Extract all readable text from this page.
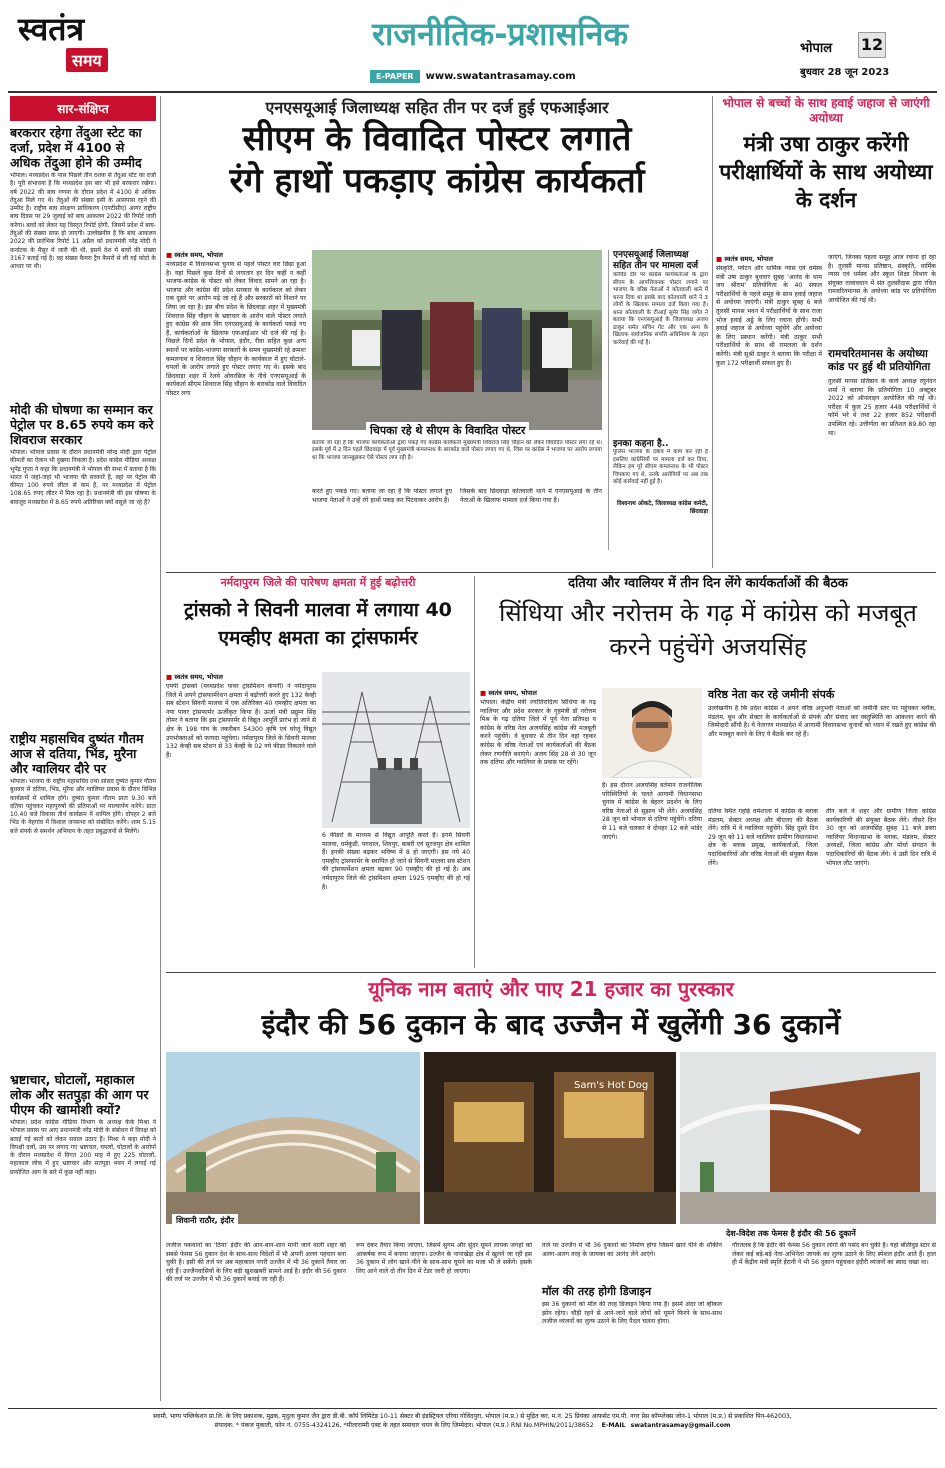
स्वतंत्र
समय
राजनीतिक-प्रशासनिक
E-PAPER	www.swatantrasamay.com
भोपाल 12
बुधवार 28 जून 2023
सार-संक्षिप्त
बरकरार रहेगा तेंदुआ स्टेट का दर्जा, प्रदेश में 4100 से अधिक तेंदुआ होने की उम्मीद
भोपाल। मध्यप्रदेश के पास पिछले तीन दशक से तेंदुआ स्टेट का दर्जा है। पूरी संभावना है कि मध्यप्रदेश इस बार भी इसे बरकरार रखेगा। वर्ष 2022 की बाघ गणना के दौरान प्रदेश में 4100 से अधिक तेंदुआ मिले गए थे। तेंदुओं की संख्या इसी के आसपास रहने की उम्मीद है। राष्ट्रीय बाघ संरक्षण प्राधिकरण (एनटीसीए) आगर राष्ट्रीय बाघ दिवस पर 29 जुलाई को बाघ आकलन 2022 की रिपोर्ट जारी करेगा। बाघों को लेकर यह विस्तृत रिपोर्ट होगी, जिसमें प्रदेश में बाघ-तेंदुओं की संख्या साफ़ हो जाएगी। उल्लेखनीय है कि बाघ आकलन 2022 की प्रारंभिक रिपोर्ट 11 अप्रैल को प्रधानमंत्री नरेंद्र मोदी ने कर्नाटक के मैसूर में जारी की थी, इसमें देश में बाघों की संख्या 3167 बताई गई है। वह संख्या कैमरा ट्रैप कैमरों से ली गई फोटो के आधार पर थी।
मोदी की घोषणा का सम्मान कर पेट्रोल पर 8.65 रुपये कम करे शिवराज सरकार
भोपाल। भोपाल प्रवास के दौरान प्रधानमंत्री नरेन्द्र मोदी द्वारा पेट्रोल कीमतों का ऐलान भी दुखमा निकला है। प्रदेश कांग्रेस मीडिया अध्यक्ष भूपेंद्र गुप्ता ने कहा कि प्रधानमंत्री ने भोपाल की सभा में बताया है कि भारत में जहां-जहां भी भाजपा की सरकारें हैं, वहां पर पेट्रोल की कीमत 100 रुपये लीटर से कम है, पर मध्यप्रदेश में पेट्रोल 108.65 रुपए लीटर में मिल रहा है। प्रधानमंत्री की इस घोषणा के बावजूद मध्यप्रदेश में 8.65 रुपये अतिरिक्त क्यों वसूले जा रहे हैं?
राष्ट्रीय महासचिव दुष्यंत गौतम आज से दतिया, भिंड, मुरैना और ग्वालियर दौरे पर
भोपाल। भाजपा के राष्ट्रीय महासचिव तथा सांसद दुष्यंत कुमार गौतम बुधवार से दतिया, भिंड, मुरैना और ग्वालियर प्रवास के दौरान विभिन्न कार्यक्रमों में शामिल होंगे। दुष्यंत कुमार गौतम प्रातः 9.30 बजे दतिया पहुंचकर महापुरुषों की प्रतिमाओं पर माल्यार्पण करेंगे। प्रातः 10.40 बजे विकास तीर्थ कार्यक्रम में शामिल होंगे। दोपहर 2 बजे भिंड के मेहगांव में विशाल जनसभा को संबोधित करेंगे। शाम 5.15 बजे संपर्क से समर्थन अभियान के तहत प्रबुद्धजनों से मिलेंगे।
भ्रष्टाचार, घोटालों, महाकाल लोक और सतपुड़ा की आग पर पीएम की खामोशी क्यों?
भोपाल। प्रदेश कांग्रेस मीडिया विभाग के अध्यक्ष केके मिश्रा ने भोपाल प्रवास पर आए प्रधानमंत्री नरेंद्र मोदी के संबोधन में विपक्ष को बताई गई बातों को लेकर सवाल उठाए हैं। मिश्रा ने कहा मोदी ने विपक्षी दलों, उस पर लगाए गए भ्रष्टाचार, घपलों, घोटालों के आरोपों के दौरान मध्यप्रदेश में विगत 200 माह में हुए 225 घोटालों, महाकाल लोक में हुए भ्रष्टाचार और सतपुड़ा भवन में लगाई गई प्रायोजित आग के बारे में कुछ नहीं कहा।
एनएसयूआई जिलाध्यक्ष सहित तीन पर दर्ज हुई एफआईआर
सीएम के विवादित पोस्टर लगाते
रंगे हाथों पकड़ाए कांग्रेस कार्यकर्ता
■ स्वतंत्र समय, भोपाल
मध्यप्रदेश में विधानसभा चुनाव से पहले पोस्टर वार छिड़ा हुआ है। यहां पिछले कुछ दिनों से लगातार हर दिन कहीं न कहीं भाजपा-कांग्रेस के पोस्टर को लेकर विवाद सामने आ रहा है। भाजपा और कांग्रेस की प्रदेश सरकार के कार्यकाल को लेकर एक दूसरे पर आरोप मढ़े जा रहे हैं और सरकारों को निशाने पर लिया जा रहा है। इस बीच प्रदेश के छिंदवाड़ा शहर में मुख्यमंत्री शिवराज सिंह चौहान के भ्रष्टाचार के आरोप वाले पोस्टर लगाते हुए कांग्रेस की छात्र विंग एनएसयूआई के कार्यकर्ता पकड़े गए हैं, कार्यकर्ताओं के खिलाफ एफआईआर भी दर्ज की गई है। पिछले दिनों प्रदेश के भोपाल, इंदौर, रीवा सहित कुछ अन्य स्थानों पर कांग्रेस-भाजपा सरकारों के समय मुख्यमंत्री रहे क्रमशः कमलनाथ व शिवराज सिंह चौहान के कार्यकाल में हुए घोटाले-घपलों के आरोप लगाते हुए पोस्टर लगाए गए थे। इसके बाद छिंदवाड़ा शहर में रेलवे ओवरब्रिज के नीचे एनएसयूआई के कार्यकर्ता सीएम शिवराज सिंह चौहान के बारकोड वाले विवादित पोस्टर लगा
चिपका रहे थे सीएम के विवादित पोस्टर
बताया जा रहा है कि भाजपा कार्यकर्ताओं द्वारा पकड़े गए कांग्रेस कार्यकर्ता मुख्यमंत्री शिवराज सिंह चौहान को लेकर विवादित पोस्टर लगा रहे थे। इसके पूर्व में 2 दिन पहले छिंदवाड़ा में पूर्व मुख्यमंत्री कमलनाथ के बारकोड वाले पोस्टर लगाए गए थे, जिस पर कांग्रेस ने भाजपा पर आरोप लगाया था कि भाजपा जानबूझकर ऐसे पोस्टर लगा रही है।
करते हुए पकड़े गए। बताया जा रहा है कि पोस्टर लगाते हुए भाजपा नेताओं ने उन्हें रंगे हाथों पकड़ कर पिटवाकर आरोप है।
जिसके बाद छिंदवाड़ा कोतवाली थाने में एनएसयूआई के तीन नेताओं के खिलाफ मामला दर्ज किया गया है।
एनएसयूआई जिलाध्यक्ष सहित तीन पर मामला दर्ज
कोविड दौर पर कांग्रेस कार्यकर्ताओं के द्वारा सीएम के आपत्तिजनक पोस्टर लगाने पर भाजपा के वरिष्ठ नेताओं ने कोतवाली थाने में धरना दिया था इसके बाद कोतवाली थाने ने 3 लोगों के खिलाफ मामला दर्ज किया गया है। थाना कोतवाली के टीआई सुमेर सिंह जगेत ने बताया कि एनएसयूआई के जिलाध्यक्ष अजय ठाकुर समेत सचिन गेट और एक अन्य के खिलाफ सार्वजनिक संपत्ति अधिनियम के तहत कार्रवाई की गई है।
इनका कहना है..
पुलिस भाजपा के दबाव में काम कर रही है इसलिए कांग्रेसियों पर मामला दर्ज कर दिया, लेकिन हम पूरे सीएम कमलनाथ के भी पोस्टर चिपकाए गए थे, उनके आरोपियों पर अब तक कोई कार्रवाई नहीं हुई है।
विश्वनाथ ओकटे, जिलाध्यक्ष कांग्रेस कमेटी, छिंदवाड़ा
भोपाल से बच्चों के साथ हवाई जहाज से जाएंगी अयोध्या
मंत्री उषा ठाकुर करेंगी परीक्षार्थियों के साथ अयोध्या के दर्शन
■ स्वतंत्र समय, भोपाल
संस्कृति, पर्यटन और धार्मिक न्यास एवं धर्मस्व मंत्री उषा ठाकुर बुधवार सुबह 'आनंद के धाम जय श्रीराम' प्रतियोगिता के 40 सफल परीक्षार्थियों के पहले समूह के साथ हवाई जहाज से अयोध्या जाएंगी। मंत्री ठाकुर सुबह 6 बजे तुलसी मानस भवन में परीक्षार्थियों के साथ राजा भोज हवाई अड्डे के लिए रवाना होंगी। सभी हवाई जहाज से अयोध्या पहुंचेंगे और अयोध्या के लिए प्रस्थान करेंगी। मंत्री ठाकुर सभी परीक्षार्थियों के साथ श्री रामलला के दर्शन करेंगी। मंत्री सुश्री ठाकुर ने बताया कि परीक्षा में कुल 172 परीक्षार्थी सफल हुए हैं।
जाएंगे, जिनका पहला समूह आज रवाना हो रहा है। तुलसी मानस प्रतिष्ठान, संस्कृति, धार्मिक न्यास एवं धर्मस्व और स्कूल शिक्षा विभाग के संयुक्त तत्वावधान में संत तुलसीदास द्वारा रचित रामचरितमानस के अयोध्या कांड पर प्रतियोगिता आयोजित की गई थी।
रामचरितमानस के अयोध्या कांड पर हुई थी प्रतियोगिता
तुलसी मानस प्रतिष्ठान के कार्य अध्यक्ष रघुनंदन शर्मा ने बताया कि प्रतियोगिता 10 अक्टूबर 2022 को ऑनलाइन आयोजित की गई थी। परीक्षा में कुल 25 हजार 448 परीक्षार्थियों ने फॉर्म भरे थे तथा 22 हजार 852 परीक्षार्थी उपस्थित रहे। उत्तीर्णता का प्रतिशत 89.80 रहा था।
नर्मदापुरम जिले की पारेषण क्षमता में हुई बढ़ोत्तरी
ट्रांसको ने सिवनी मालवा में लगाया 40 एमव्हीए क्षमता का ट्रांसफार्मर
■ स्वतंत्र समय, भोपाल
एमपी ट्रांसको (मध्यप्रदेश पावर ट्रांसमिशन कंपनी) ने नर्मदापुरम जिले में अपने ट्रांसफार्मरेशन क्षमता में बढ़ोत्तरी करते हुए 132 केव्ही सब स्टेशन सिवनी मालवा में एक अतिरिक्त 40 एमव्हीए क्षमता का नया पावर ट्रांसफार्मर ऊर्जीकृत किया है। ऊर्जा मंत्री प्रद्युम्न सिंह तोमर ने बताया कि इस ट्रांसफार्मर से विद्युत आपूर्ति प्रारंभ हो जाने से क्षेत्र के 198 गांव के तकरीबन 54300 कृषि एवं घरेलू विद्युत उपभोक्ताओं को फायदा पहुंचेगा। नर्मदापुरम जिले के सिवनी मालवा 132 केव्ही सब स्टेशन से 33 केव्ही के 02 नये फीडर निकलने वाले हैं।
6 फीडरों के माध्यम से विद्युत आपूर्ति करते हैं। इनमें सिवनी मालवा, धर्मकुंडी, पगधाल, शिवपुर, बाबरी एवं सूरजपुर क्षेत्र शामिल हैं। इनकी संख्या बढ़कर भविष्य में 8 हो जाएगी। इस नये 40 एमव्हीए ट्रांसफार्मर के स्थापित हो जाने से सिवनी मालवा सब स्टेशन की ट्रांसफार्मेशन क्षमता बढ़कर 90 एमव्हीए की हो गई है। अब नर्मदापुरम जिले की ट्रांसमिशन क्षमता 1925 एमव्हीए की हो गई है।
दतिया और ग्वालियर में तीन दिन लेंगे कार्यकर्ताओं की बैठक
सिंधिया और नरोत्तम के गढ़ में कांग्रेस को मजबूत करने पहुंचेंगे अजयसिंह
■ स्वतंत्र समय, भोपाल
भोपाल। केंद्रीय मंत्री ज्योतिरादित्य सिंधिया के गढ़ ग्वालियर और प्रदेश सरकार के गृहमंत्री डॉ नरोत्तम मिश्र के गढ़ दतिया जिले में पूर्व नेता प्रतिपक्ष व कांग्रेस के वरिष्ठ नेता अजयसिंह कांग्रेस की मजबूती करने पहुंचेंगे। वे बुधवार से तीन दिन वहां रहकर कांग्रेस के वरिष्ठ नेताओं एवं कार्यकर्ताओं की बैठक लेकर रणनीति बनाएंगे। अजय सिंह 28 से 30 जून तक दतिया और ग्वालियर के प्रवास पर रहेंगे।
है। इस दौरान अजयसिंह वर्तमान राजनीतिक परिस्थितियों के चलते आगामी विधानसभा चुनाव में कांग्रेस के बेहतर प्रदर्शन के लिए वरिष्ठ नेताओं से सुझाव भी लेंगे। अजयसिंह 28 जून को भोपाल से दतिया पहुंचेंगे। दतिया से 11 बजे चलकर वे दोपहर 12 बजे भांडेर जाएंगे।
वरिष्ठ नेता कर रहे जमीनी संपर्क
उल्लेखनीय है कि प्रदेश कांग्रेस ने अपने वरिष्ठ अनुभवी नेताओं को जमीनी स्तर पर पहुंचकर ब्लॉक, मंडलम, बूथ और सेक्टर के कार्यकर्ताओं से संपर्क और संवाद कर वस्तुस्थिति का आकलन करने की जिम्मेदारी सौंपी है। ये नेतागण मध्यप्रदेश में आगामी विधानसभा चुनावों को ध्यान में रखते हुए कांग्रेस की और मजबूत करने के लिए ये बैठकें कर रहे हैं।
दतिया स्थित गहोई धर्मशाला में कांग्रेस के ब्लाक मंडलम, सेक्टर अध्यक्ष और बीएलए की बैठक लेंगे। रात्रि में वे ग्वालियर पहुंचेंगे। सिंह दूसरे दिन 29 जून को 11 बजे ग्वालियर ग्रामीण विधानसभा क्षेत्र के ब्लाक प्रमुख, कार्यकर्ताओं, जिला पदाधिकारियों और वरिष्ठ नेताओं की संयुक्त बैठक लेंगे।
तीन बजे वे शहर और ग्रामीण जिला कांग्रेस कार्यकारिणी की संयुक्त बैठक लेंगे। तीसरे दिन 30 जून को अजयसिंह सुबह 11 बजे डबरा ग्वालियर विधानसभा के ब्लाक, मंडलम, सेक्टर अध्यक्षों, जिला कांग्रेस और मोर्चा संगठन के पदाधिकारियों की बैठक लेंगे। वे उसी दिन रात्रि में भोपाल लौट जाएंगे।
यूनिक नाम बताएं और पाए 21 हजार का पुरस्कार
इंदौर की 56 दुकान के बाद उज्जैन में खुलेंगी 36 दुकानें
Sam's Hot Dog
शिवानी राठौर, इंदौर
देश-विदेश तक फेमस है इंदौर की 56 दुकानें
लजीज पकवानों का 'ठिया' इंदौर की आन-बान-शान मानी जाने वाली शहर की सबसे फेमस 56 दुकान देश के साथ-साथ विदेशों में भी अपनी अलग पहचान बना चुकी है। इसी की तर्ज पर अब महाकाल नगरी उज्जैन में भी 36 दुकानें तैयार जा रही हैं। उज्जैनवासियों के लिए बड़ी खुशखबरी सामने आई है। इंदौर की 56 दुकान की तर्ज पर उज्जैन में भी 36 दुकानें बनाई जा रही हैं।
रूप देकर तैयार किया जाएगा, जिसमें सुगम और सुंदर घूमने लायक जगहों को आकर्षक रूप में बनाया जाएगा। उज्जैन के नानाखेड़ा क्षेत्र में खुलने जा रही इस 36 दुकान में लोग खाने-पीने के साथ-साथ घूमने का मजा भी ले सकेंगे। इसके लिए आने वाले दो तीन दिन में टेंडर जारी हो जाएगा।
तर्ज पर उज्जैन में भी 36 दुकानों का निर्माण होगा जिसमें खाने पीने के शौकीन अलग-अलग तरह के जायका का आनंद लेने आएंगे।
मॉल की तरह होगी डिजाइन
इस 36 दुकानों को मॉल की तरह डिजाइन किया गया है। इसमें अंदर जो व्हीकल झोन रहेगा। चौड़ी रहने से आने-जाने वाले लोगों को घूमने फिरने के साथ-साथ लजीज व्यंजनों का लुत्फ उठाने के लिए पैदल चलना होगा।
गौरतलब है कि इंदौर की फेमस 56 दुकान लोगों की पसंद बन चुकी है। यहां बॉलीवुड स्टार से लेकर कई बड़े-बड़े नेता-अभिनेता जायके का लुत्फ उठाने के लिए स्पेशल इंदौर आते हैं। हाल ही में केंद्रीय मंत्री स्मृति ईरानी ने भी 56 दुकान पहुंचकर इंदौरी व्यंजनों का स्वाद चखा था।
स्वामी, भाग्य पब्लिकेशन प्रा.लि. के लिए प्रकाशक, मुद्रक, मृदुला कुमार जैन द्वारा डी.बी. कॉर्प लिमिटेड 10-11 सेक्टर बी इंडस्ट्रियल एरिया गोविंदपुरा, भोपाल (म.प्र.) से मुद्रित कर, म.नं. 25 प्रियंका आफसेट एम.पी. नगर प्रेस कॉम्प्लेक्स जोन-1 भोपाल (म.प्र.) से प्रकाशित पिन-462003,
संपादक: * पंकज मुकाती, फोन नं. 0755-4324126, *मीलाराम्मी एक्ट के तहत समाचार चयन के लिए जिम्मेदार। भोपाल (म.प्र.) RNI No.MPHIN/2011/38652 E-MAIL swatantrasamay@gmail.com
